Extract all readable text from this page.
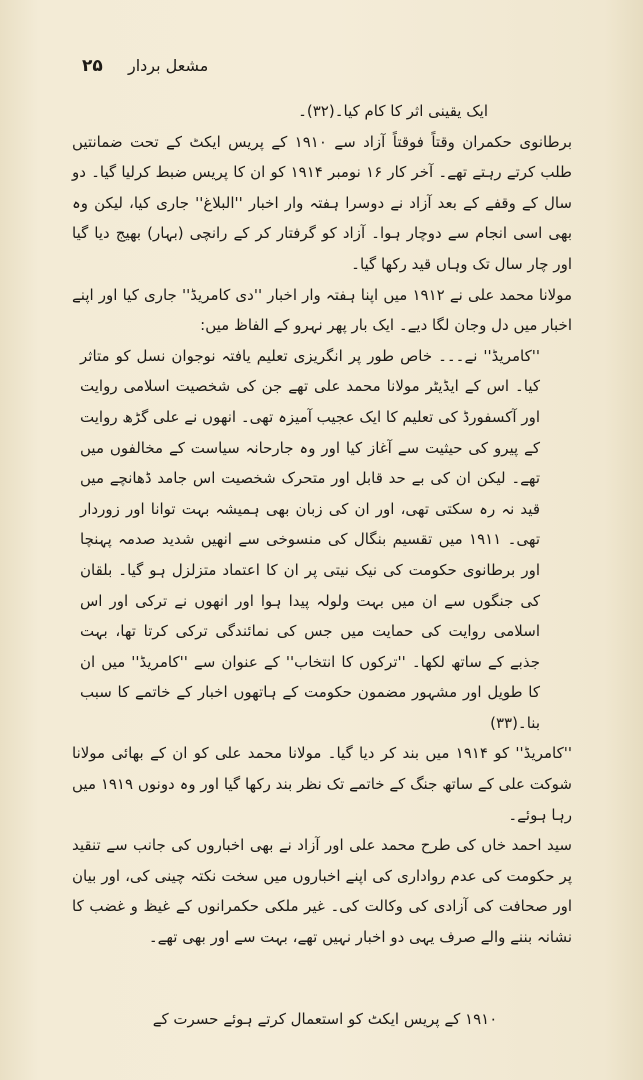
۲۵ مشعل بردار

ایک یقینی اثر کا کام کیا۔(۳۲)۔

برطانوی حکمران وقتاً فوقتاً آزاد سے ۱۹۱۰ کے پریس ایکٹ کے تحت ضمانتیں طلب کرتے رہتے تھے۔ آخر کار ۱۶ نومبر ۱۹۱۴ کو ان کا پریس ضبط کرلیا گیا۔ دو سال کے وقفے کے بعد آزاد نے دوسرا ہفتہ وار اخبار ''البلاغ'' جاری کیا، لیکن وہ بھی اسی انجام سے دوچار ہوا۔ آزاد کو گرفتار کر کے رانچی (بہار) بھیج دیا گیا اور چار سال تک وہاں قید رکھا گیا۔

مولانا محمد علی نے ۱۹۱۲ میں اپنا ہفتہ وار اخبار ''دی کامریڈ'' جاری کیا اور اپنے اخبار میں دل وجان لگا دیے۔ ایک بار پھر نہرو کے الفاظ میں:

''کامریڈ'' نے۔۔۔ خاص طور پر انگریزی تعلیم یافتہ نوجوان نسل کو متاثر کیا۔ اس کے ایڈیٹر مولانا محمد علی تھے جن کی شخصیت اسلامی روایت اور آکسفورڈ کی تعلیم کا ایک عجیب آمیزہ تھی۔ انھوں نے علی گڑھ روایت کے پیرو کی حیثیت سے آغاز کیا اور وہ جارحانہ سیاست کے مخالفوں میں تھے۔ لیکن ان کی بے حد قابل اور متحرک شخصیت اس جامد ڈھانچے میں قید نہ رہ سکتی تھی، اور ان کی زبان بھی ہمیشہ بہت توانا اور زوردار تھی۔ ۱۹۱۱ میں تقسیم بنگال کی منسوخی سے انھیں شدید صدمہ پہنچا اور برطانوی حکومت کی نیک نیتی پر ان کا اعتماد متزلزل ہو گیا۔ بلقان کی جنگوں سے ان میں بہت ولولہ پیدا ہوا اور انھوں نے ترکی اور اس اسلامی روایت کی حمایت میں جس کی نمائندگی ترکی کرتا تھا، بہت جذبے کے ساتھ لکھا۔ ''ترکوں کا انتخاب'' کے عنوان سے ''کامریڈ'' میں ان کا طویل اور مشہور مضمون حکومت کے ہاتھوں اخبار کے خاتمے کا سبب بنا۔(۳۳)

''کامریڈ'' کو ۱۹۱۴ میں بند کر دیا گیا۔ مولانا محمد علی کو ان کے بھائی مولانا شوکت علی کے ساتھ جنگ کے خاتمے تک نظر بند رکھا گیا اور وہ دونوں ۱۹۱۹ میں رہا ہوئے۔

سید احمد خاں کی طرح محمد علی اور آزاد نے بھی اخباروں کی جانب سے تنقید پر حکومت کی عدم رواداری کی اپنے اخباروں میں سخت نکتہ چینی کی، اور بیان اور صحافت کی آزادی کی وکالت کی۔ غیر ملکی حکمرانوں کے غیظ و غضب کا نشانہ بننے والے صرف یہی دو اخبار نہیں تھے، بہت سے اور بھی تھے۔

۱۹۱۰ کے پریس ایکٹ کو استعمال کرتے ہوئے حسرت کے
